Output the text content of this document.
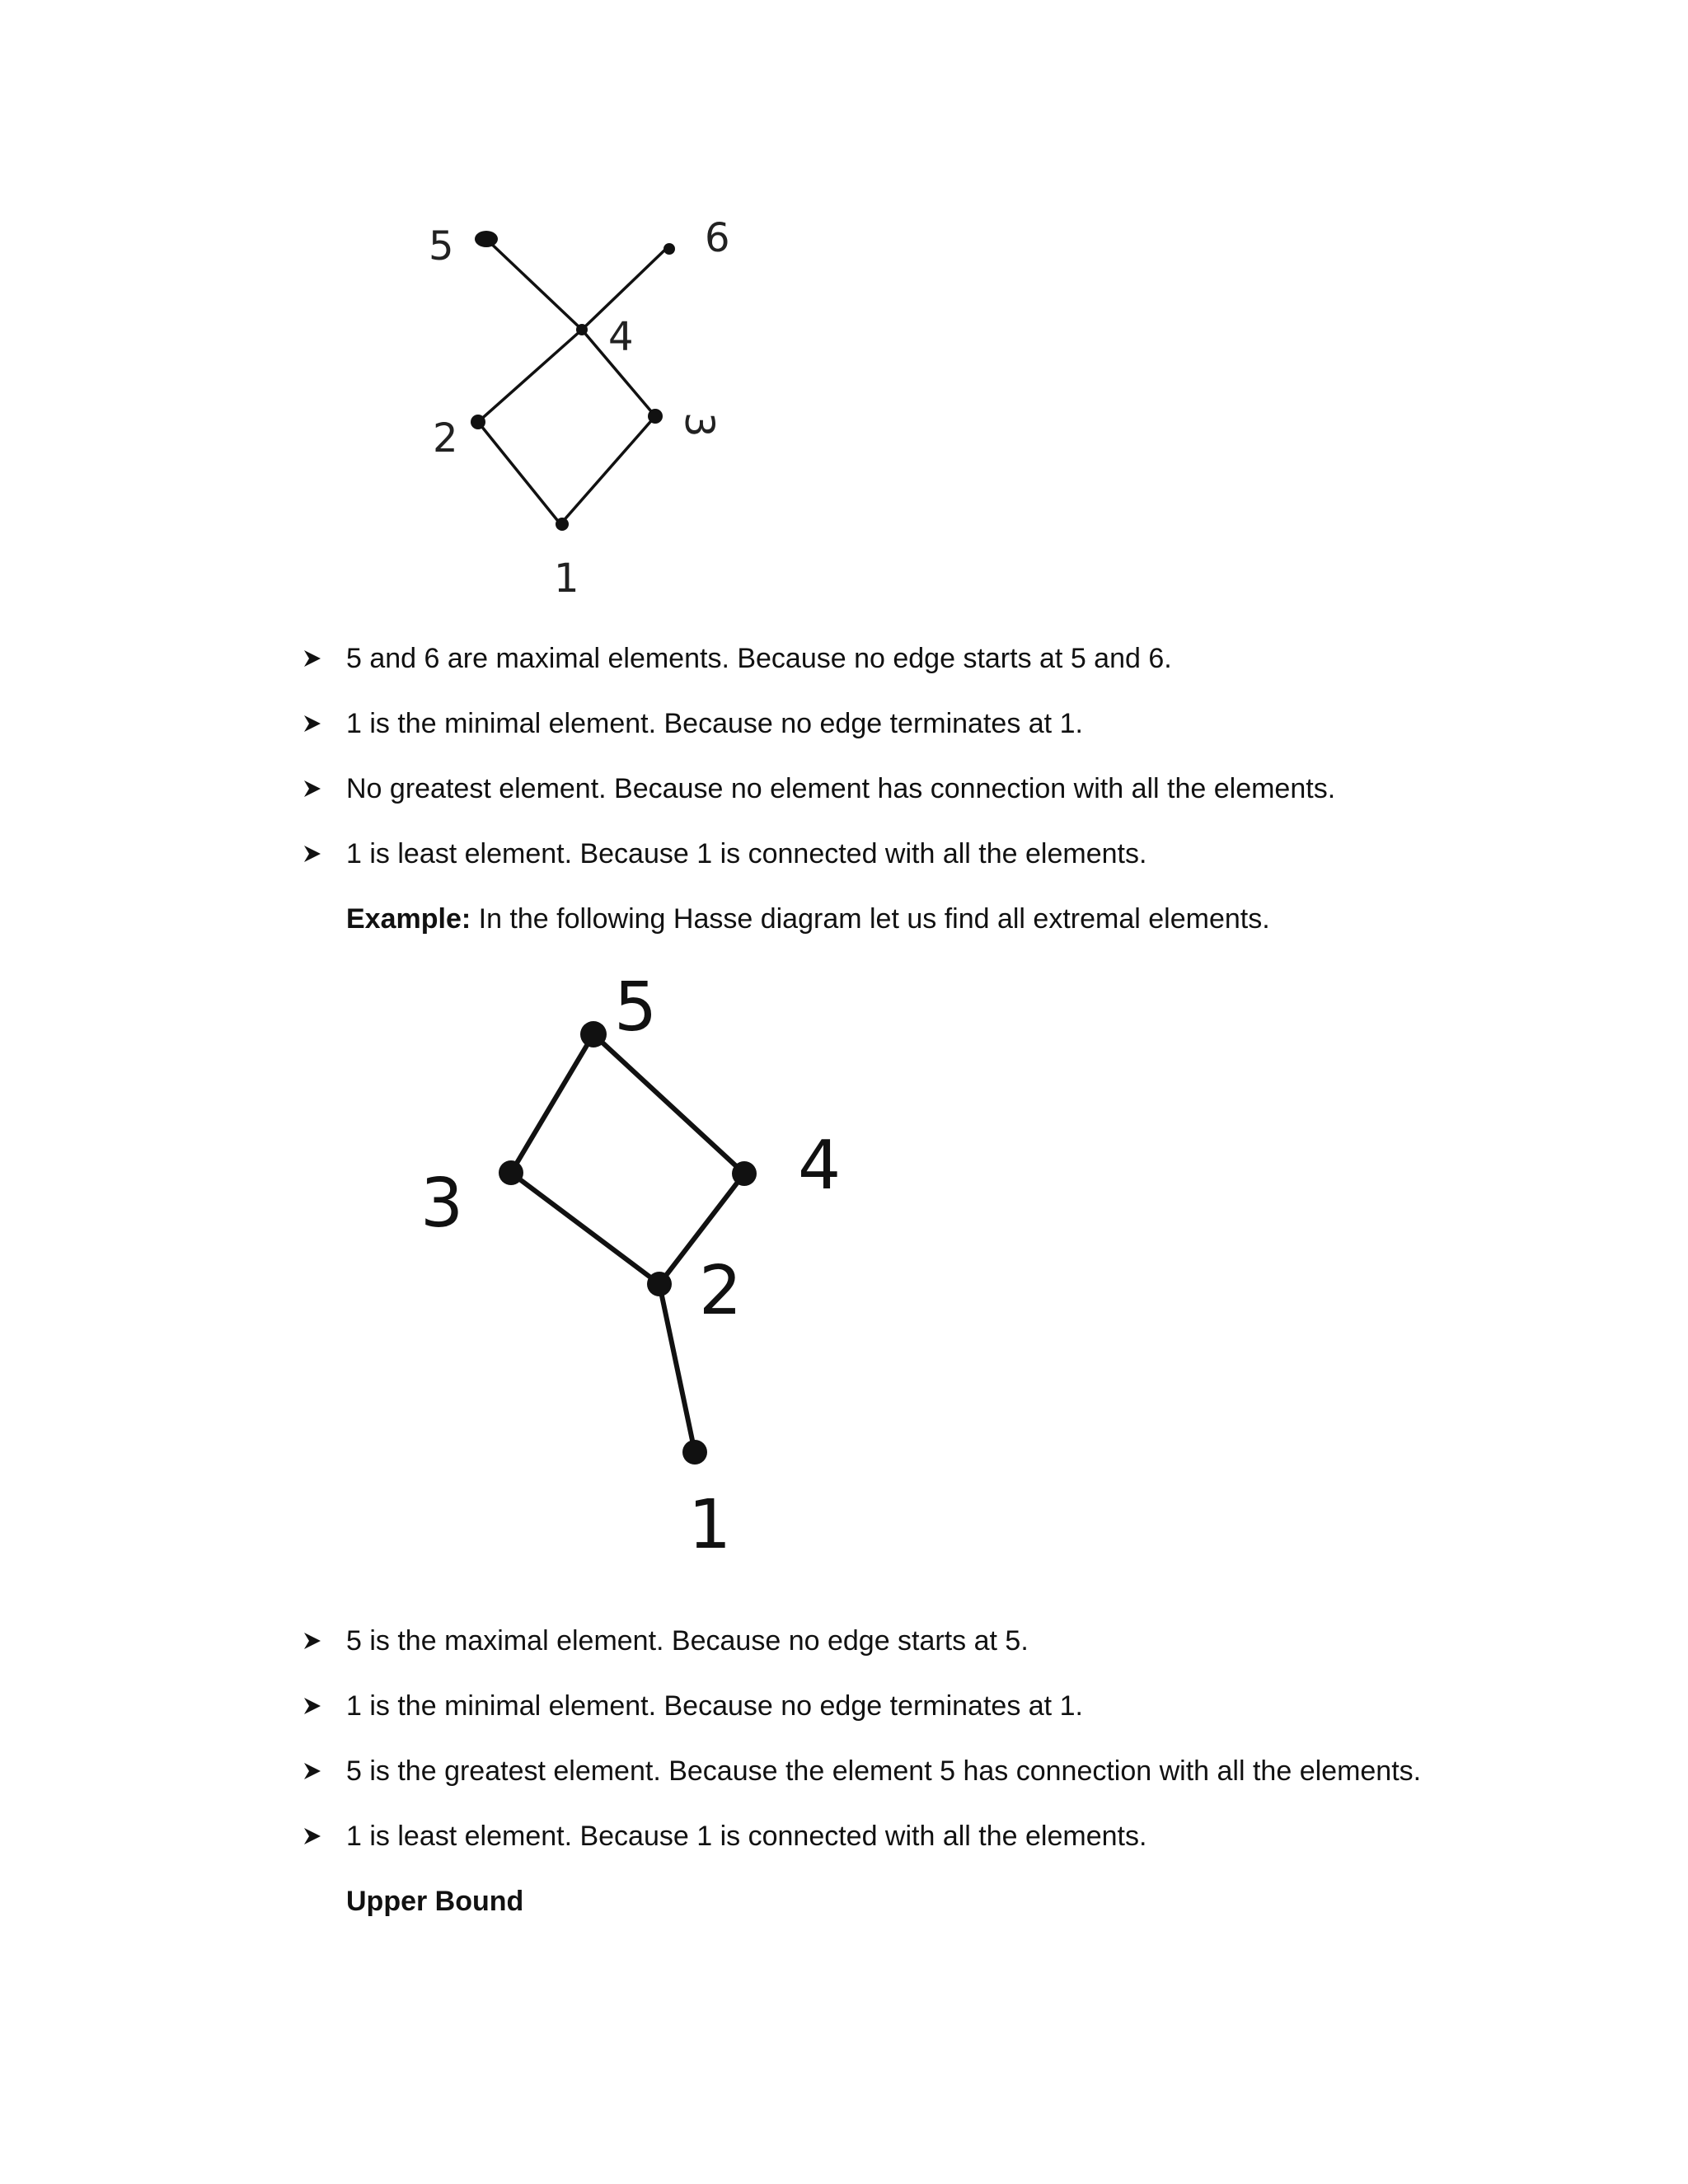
5	6
4
2	3
1
5
4
3
2
1
5 and 6 are maximal elements. Because no edge starts at 5 and 6.
1 is the minimal element. Because no edge terminates at 1.
No greatest element. Because no element has connection with all the elements.
1 is least element. Because 1 is connected with all the elements.
Example: In the following Hasse diagram let us find all extremal elements.
5 is the maximal element. Because no edge starts at 5.
1 is the minimal element. Because no edge terminates at 1.
5 is the greatest element. Because the element 5 has connection with all the elements.
1 is least element. Because 1 is connected with all the elements.
Upper Bound
